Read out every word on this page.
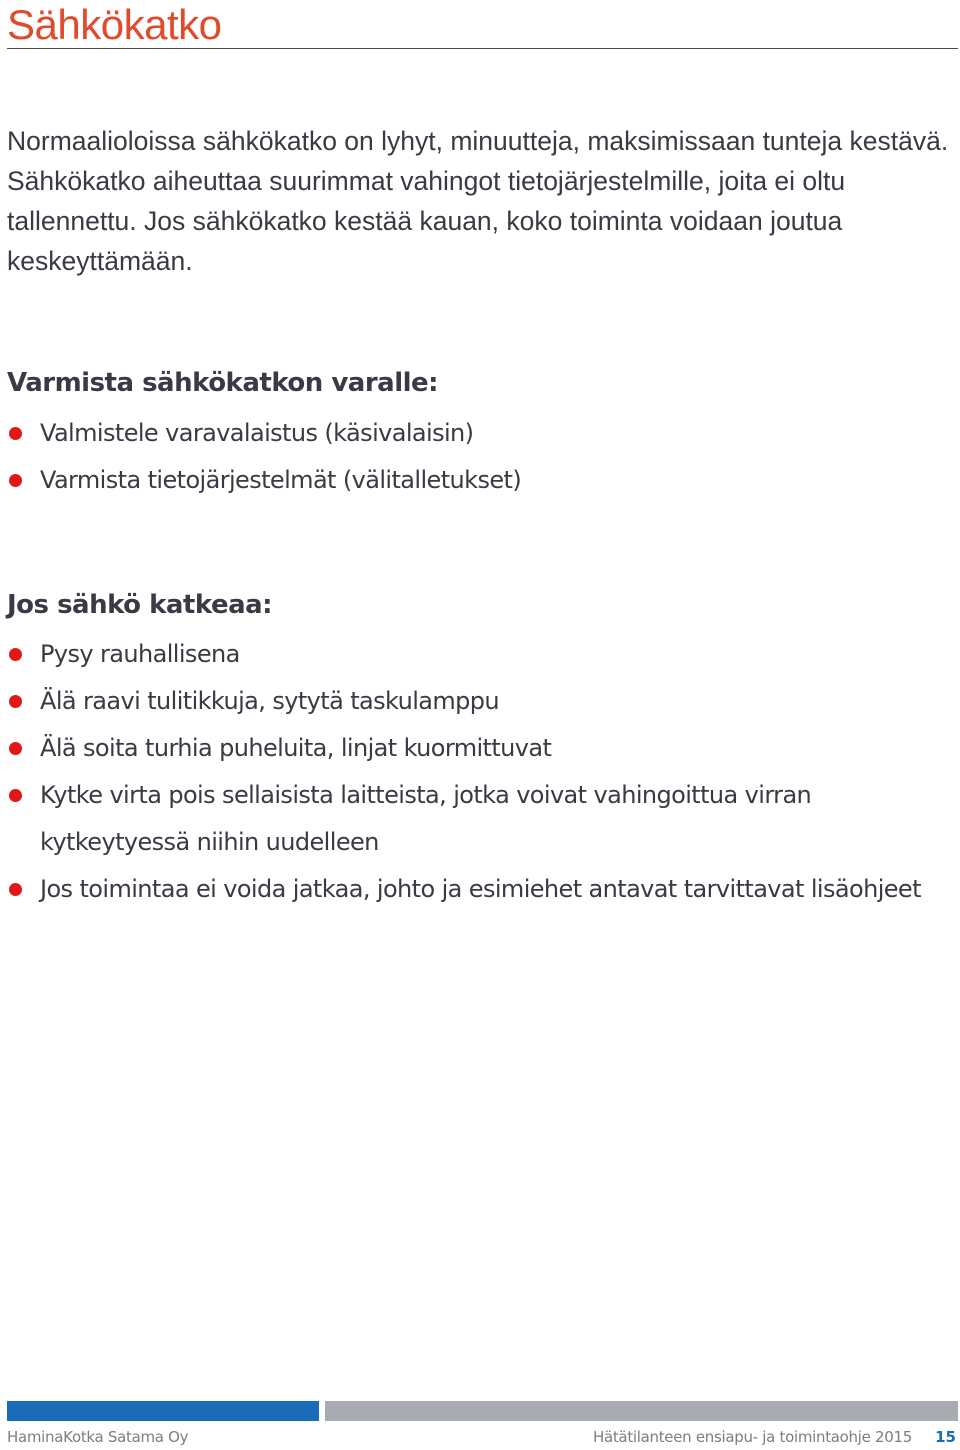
Sähkökatko

Normaalioloissa sähkökatko on lyhyt, minuutteja, maksimissaan tunteja kestävä. Sähkökatko aiheuttaa suurimmat vahingot tietojärjestelmille, joita ei oltu tallennettu. Jos sähkökatko kestää kauan, koko toiminta voidaan joutua keskeyttämään.

Varmista sähkökatkon varalle:
Valmistele varavalaistus (käsivalaisin)
Varmista tietojärjestelmät (välitalletukset)
Jos sähkö katkeaa:
Pysy rauhallisena
Älä raavi tulitikkuja, sytytä taskulamppu
Älä soita turhia puheluita, linjat kuormittuvat
Kytke virta pois sellaisista laitteista, jotka voivat vahingoittua virran kytkeytyessä niihin uudelleen
Jos toimintaa ei voida jatkaa, johto ja esimiehet antavat tarvittavat lisäohjeet
HaminaKotka Satama Oy	Hätätilanteen ensiapu- ja toimintaohje 2015 15
